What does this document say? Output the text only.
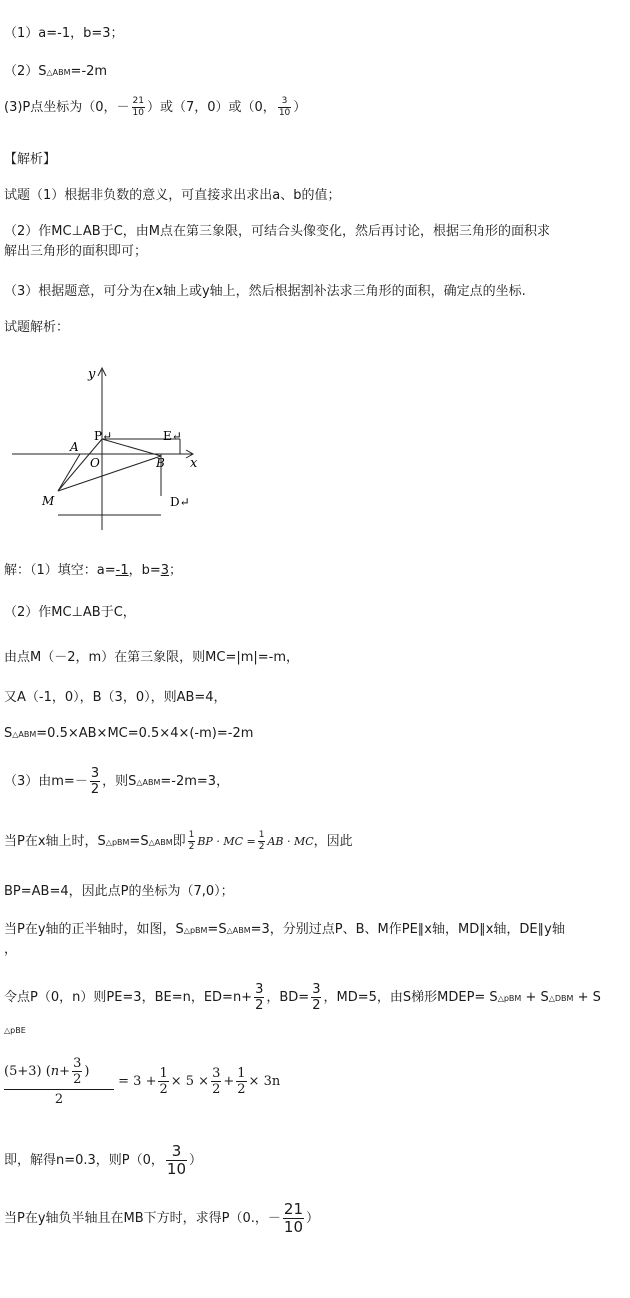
（1）a=-1，b=3；
（2）S△ABM=-2m
(3)P点坐标为（0，－ $\frac{21}{10}$ ）或（7，0）或（0， $\frac{3}{10}$ ）
【解析】
试题（1）根据非负数的意义，可直接求出求出a、b的值；
（2）作MC⊥AB于C，由M点在第三象限，可结合头像变化，然后再讨论，根据三角形的面积求
解出三角形的面积即可；
（3）根据题意，可分为在x轴上或y轴上，然后根据割补法求三角形的面积，确定点的坐标.
试题解析：
y
x
P↵	E↵
A
O	B
M	D↵
解：（1）填空：a=-1，b=3；
（2）作MC⊥AB于C，
由点M（－2，m）在第三象限，则MC=|m|=-m，
又A（-1，0），B（3，0），则AB=4，
S△ABM=0.5×AB×MC=0.5×4×(-m)=-2m
（3）由$m=- \frac{3}{2}$ ，则S△ABM=-2m=3，
当P在x轴上时，S△pBM=S△ABM即 $\frac{1}{2}$ BP · MC = $\frac{1}{2}$ AB · MC，因此
BP=AB=4，因此点P的坐标为（7,0）；
当P在y轴的正半轴时，如图，S△pBM=S△ABM=3，分别过点P、B、M作PE∥x轴，MD∥x轴，DE∥y轴
，
令点P（0，n）则PE=3，BE=n，$ED=n+ \frac{3}{2}$ ，$BD= \frac{3}{2}$ ，MD=5，由S梯形MDEP= S△pBM + S△DBM + S
△pBE
$\frac{(5+3) (n+ \frac{3}{2} )}{2} = 3 + \frac{1}{2} \times 5 \times \frac{3}{2} + \frac{1}{2} \times 3n$
即，解得n=0.3，则P（0， $\frac{3}{10}$ ）
当P在y轴负半轴且在MB下方时，求得P（0.，－ $\frac{21}{10}$ ）
